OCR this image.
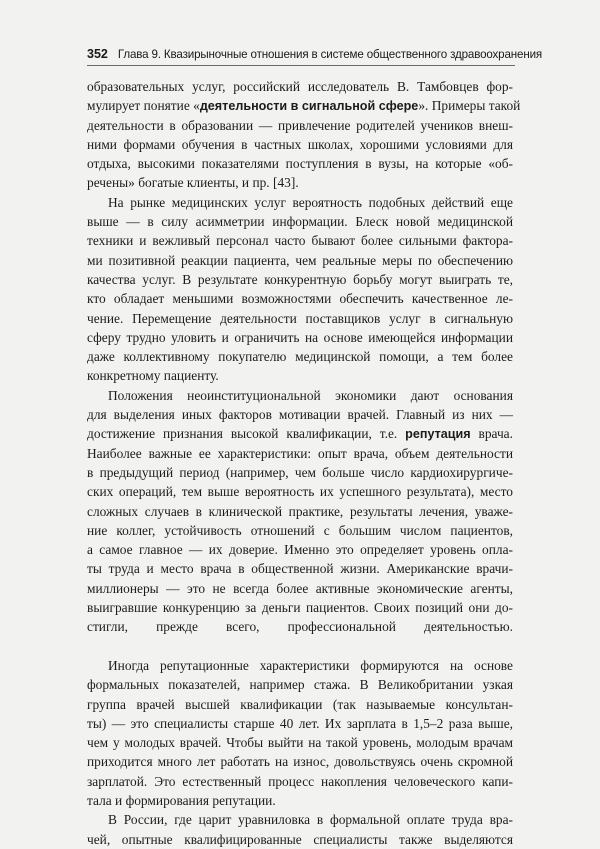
352 Глава 9. Квазирыночные отношения в системе общественного здравоохранения
образовательных услуг, российский исследователь В. Тамбовцев фор-
мулирует понятие «деятельности в сигнальной сфере». Примеры такой
деятельности в образовании — привлечение родителей учеников внеш-
ними формами обучения в частных школах, хорошими условиями для
отдыха, высокими показателями поступления в вузы, на которые «об-
речены» богатые клиенты, и пр. [43].
На рынке медицинских услуг вероятность подобных действий еще
выше — в силу асимметрии информации. Блеск новой медицинской
техники и вежливый персонал часто бывают более сильными фактора-
ми позитивной реакции пациента, чем реальные меры по обеспечению
качества услуг. В результате конкурентную борьбу могут выиграть те,
кто обладает меньшими возможностями обеспечить качественное ле-
чение. Перемещение деятельности поставщиков услуг в сигнальную
сферу трудно уловить и ограничить на основе имеющейся информации
даже коллективному покупателю медицинской помощи, а тем более
конкретному пациенту.
Положения неоинституциональной экономики дают основания
для выделения иных факторов мотивации врачей. Главный из них —
достижение признания высокой квалификации, т.е. репутация врача.
Наиболее важные ее характеристики: опыт врача, объем деятельности
в предыдущий период (например, чем больше число кардиохирургиче-
ских операций, тем выше вероятность их успешного результата), место
сложных случаев в клинической практике, результаты лечения, уваже-
ние коллег, устойчивость отношений с большим числом пациентов,
а самое главное — их доверие. Именно это определяет уровень опла-
ты труда и место врача в общественной жизни. Американские врачи-
миллионеры — это не всегда более активные экономические агенты,
выигравшие конкуренцию за деньги пациентов. Своих позиций они до-
стигли, прежде всего, профессиональной деятельностью.
Иногда репутационные характеристики формируются на основе
формальных показателей, например стажа. В Великобритании узкая
группа врачей высшей квалификации (так называемые консультан-
ты) — это специалисты старше 40 лет. Их зарплата в 1,5–2 раза выше,
чем у молодых врачей. Чтобы выйти на такой уровень, молодым врачам
приходится много лет работать на износ, довольствуясь очень скромной
зарплатой. Это естественный процесс накопления человеческого капи-
тала и формирования репутации.
В России, где царит уравниловка в формальной оплате труда вра-
чей, опытные квалифицированные специалисты также выделяются
